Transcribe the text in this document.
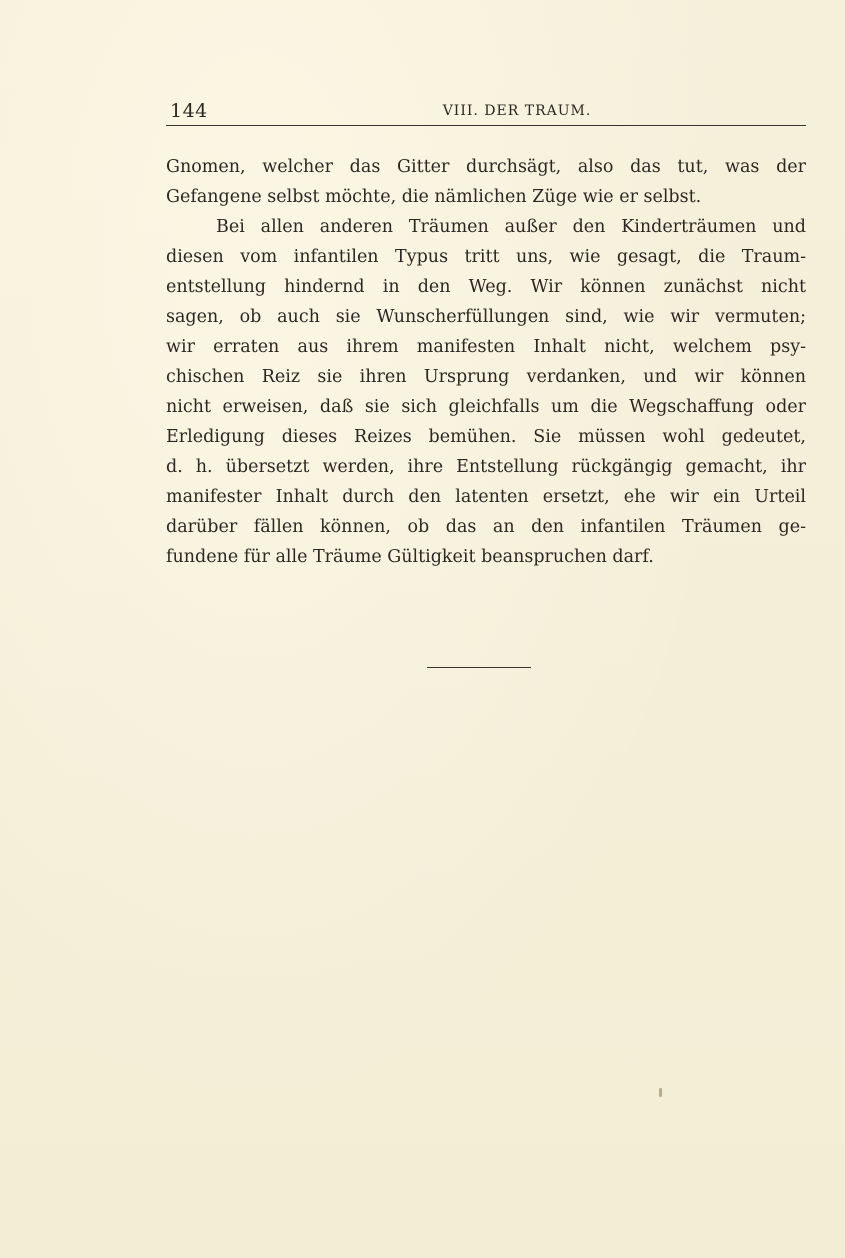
144	VIII. DER TRAUM.
Gnomen, welcher das Gitter durchsägt, also das tut, was der
Gefangene selbst möchte, die nämlichen Züge wie er selbst.
Bei allen anderen Träumen außer den Kinderträumen und
diesen vom infantilen Typus tritt uns, wie gesagt, die Traum-
entstellung hindernd in den Weg. Wir können zunächst nicht
sagen, ob auch sie Wunscherfüllungen sind, wie wir vermuten;
wir erraten aus ihrem manifesten Inhalt nicht, welchem psy-
chischen Reiz sie ihren Ursprung verdanken, und wir können
nicht erweisen, daß sie sich gleichfalls um die Wegschaffung oder
Erledigung dieses Reizes bemühen. Sie müssen wohl gedeutet,
d. h. übersetzt werden, ihre Entstellung rückgängig gemacht, ihr
manifester Inhalt durch den latenten ersetzt, ehe wir ein Urteil
darüber fällen können, ob das an den infantilen Träumen ge-
fundene für alle Träume Gültigkeit beanspruchen darf.
